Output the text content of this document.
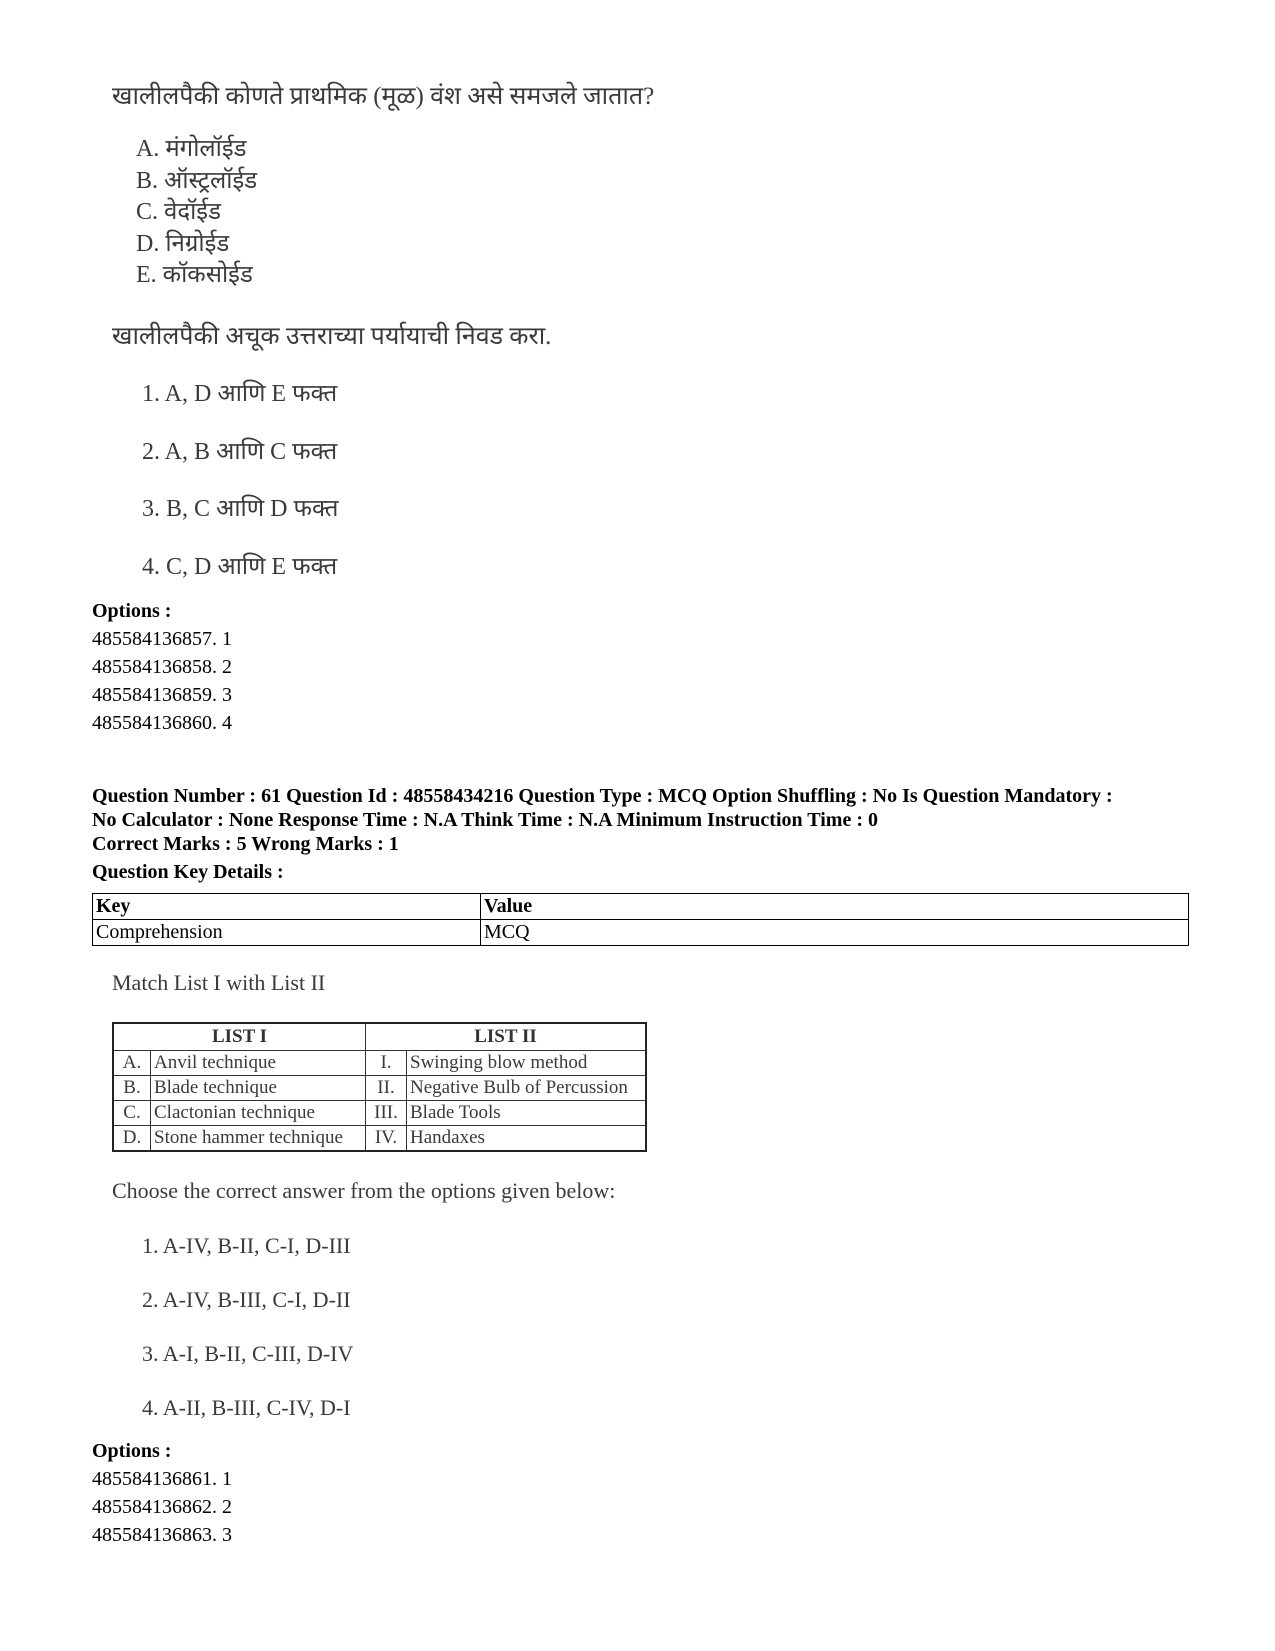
खालीलपैकी कोणते प्राथमिक (मूळ) वंश असे समजले जातात?
A. मंगोलॉईड
B. ऑस्ट्रलॉईड
C. वेदॉईड
D. निग्रोईड
E. कॉकसोईड
खालीलपैकी अचूक उत्तराच्या पर्यायाची निवड करा.
1. A, D आणि E फक्त
2. A, B आणि C फक्त
3. B, C आणि D फक्त
4. C, D आणि E फक्त
Options :
485584136857. 1
485584136858. 2
485584136859. 3
485584136860. 4
Question Number : 61 Question Id : 48558434216 Question Type : MCQ Option Shuffling : No Is Question Mandatory :
No Calculator : None Response Time : N.A Think Time : N.A Minimum Instruction Time : 0
Correct Marks : 5 Wrong Marks : 1
Question Key Details :
Key	Value
Comprehension	MCQ
Match List I with List II
LIST I		LIST II	
A.	Anvil technique	I.	Swinging blow method
B.	Blade technique	II.	Negative Bulb of Percussion
C.	Clactonian technique	III.	Blade Tools
D.	Stone hammer technique	IV.	Handaxes
Choose the correct answer from the options given below:
1. A-IV, B-II, C-I, D-III
2. A-IV, B-III, C-I, D-II
3. A-I, B-II, C-III, D-IV
4. A-II, B-III, C-IV, D-I
Options :
485584136861. 1
485584136862. 2
485584136863. 3
